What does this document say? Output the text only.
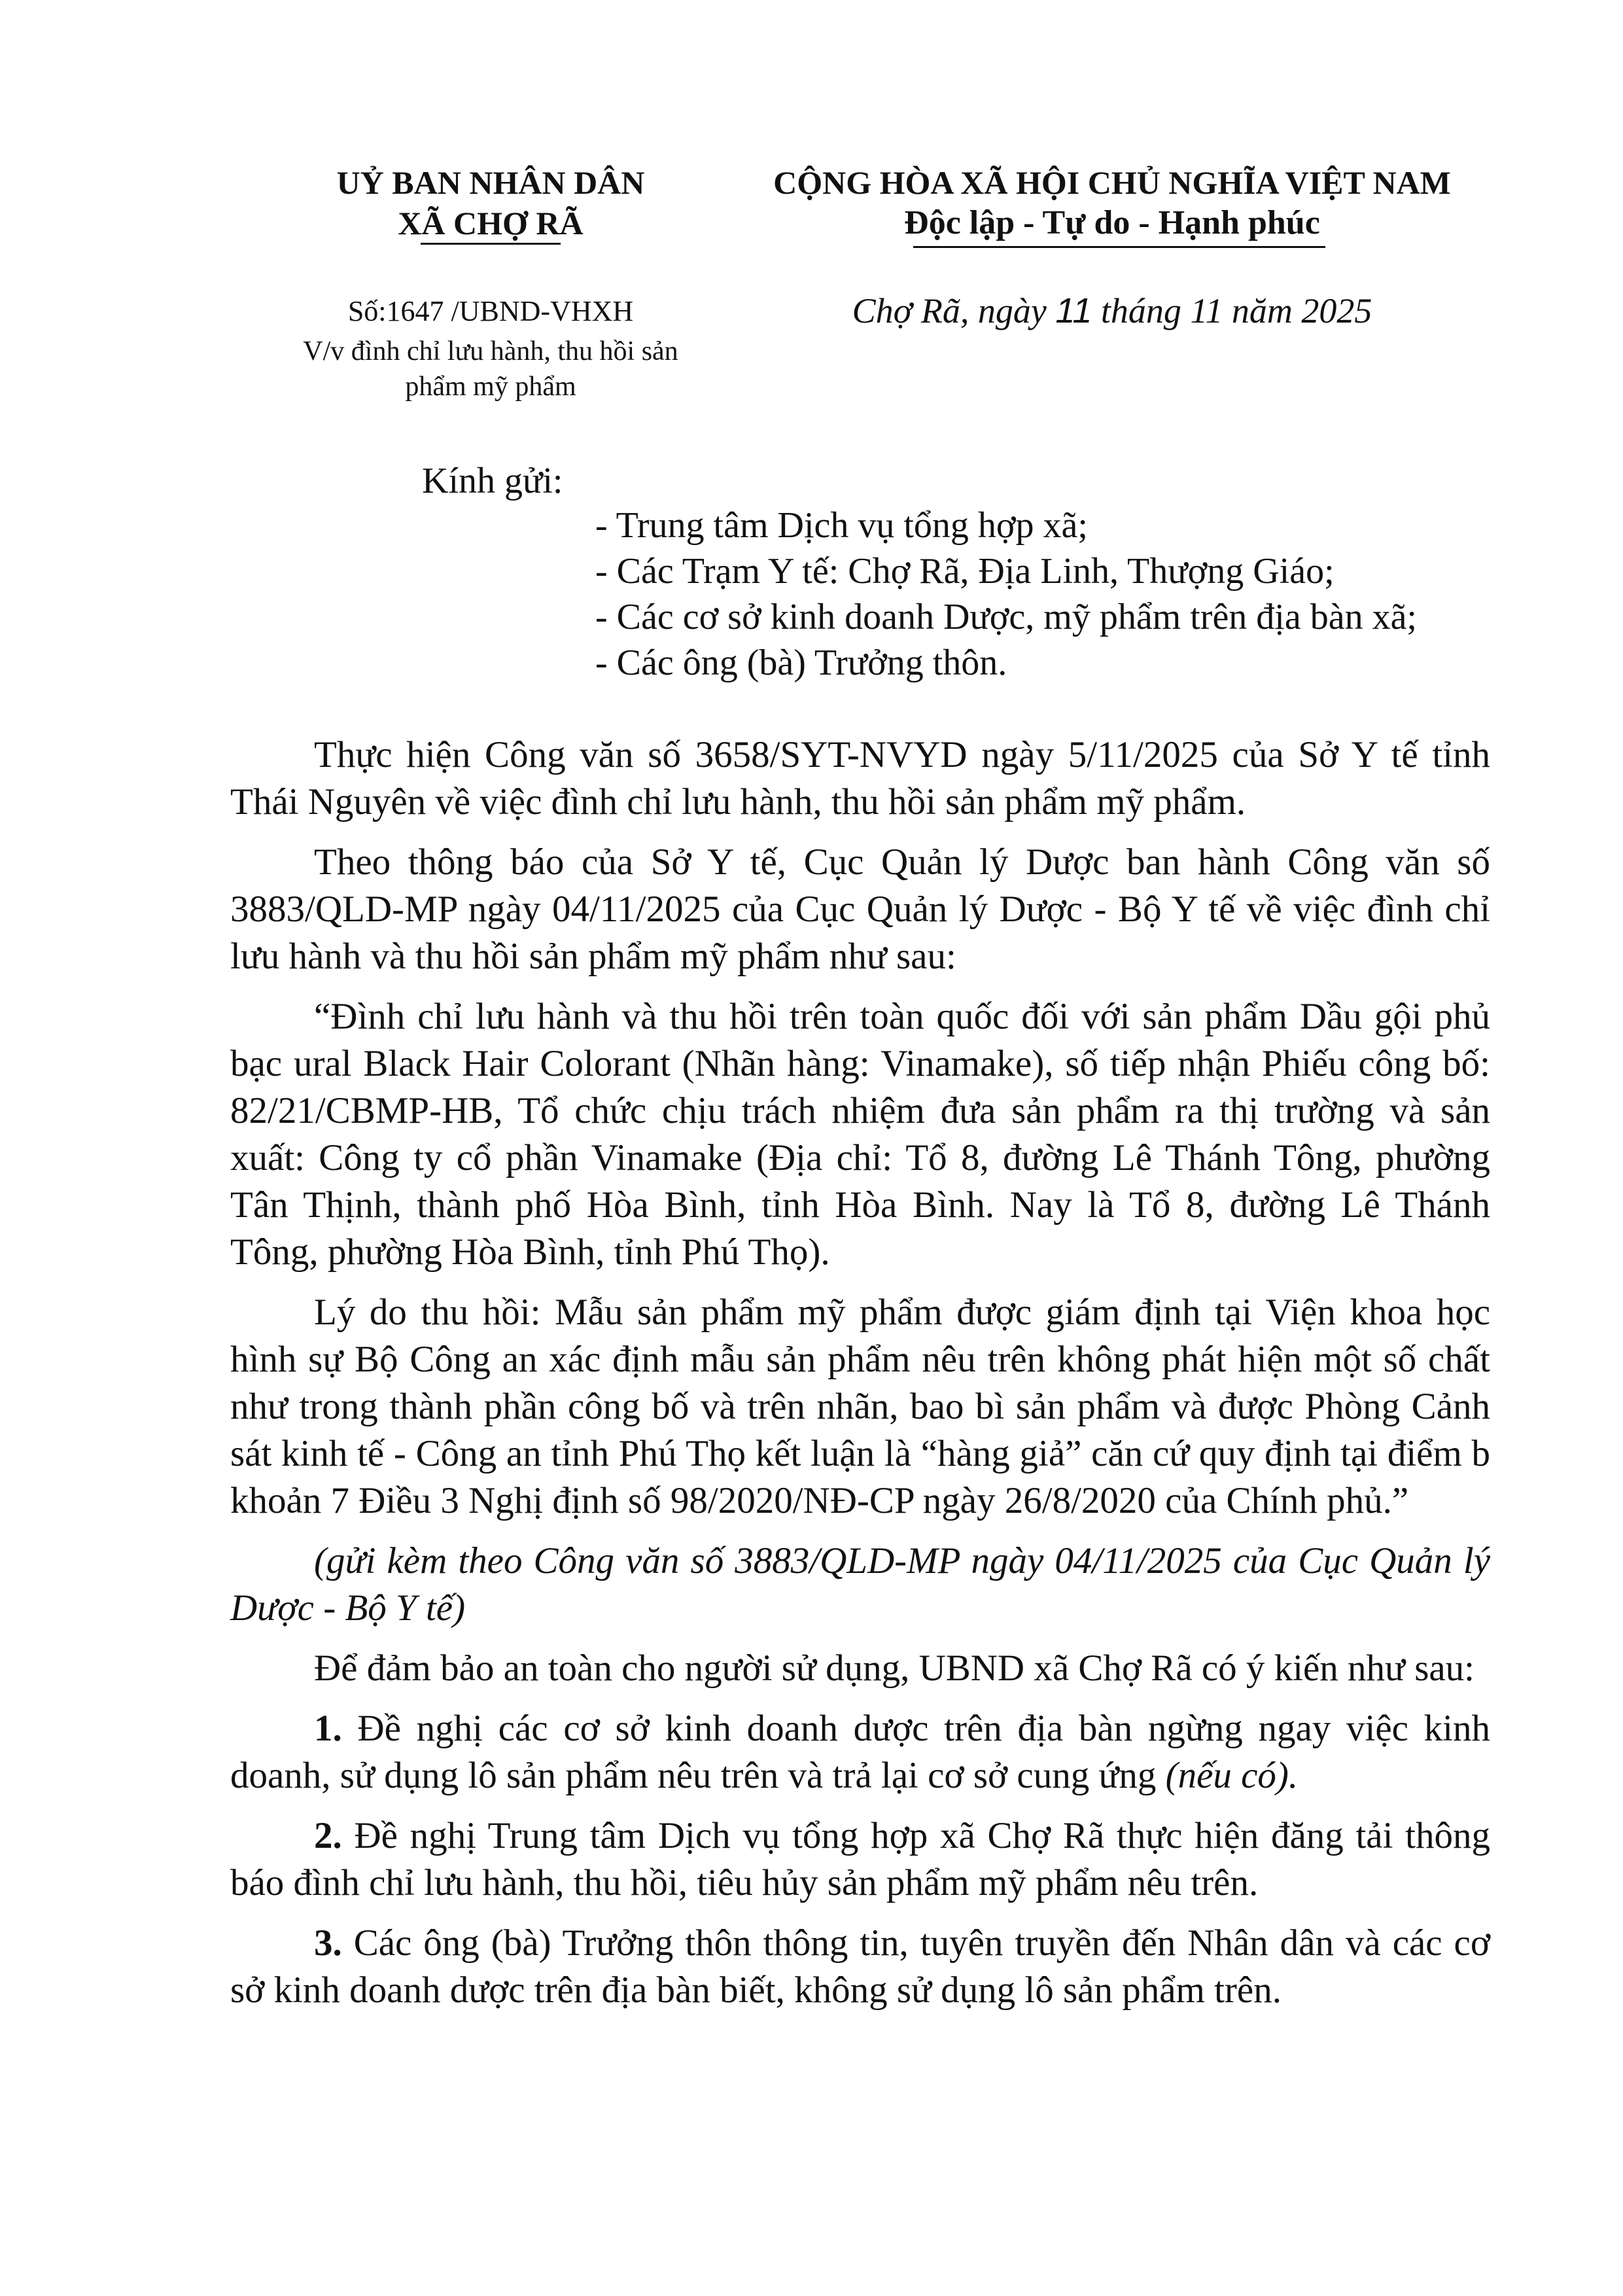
UỶ BAN NHÂN DÂN
XÃ CHỢ RÃ
CỘNG HÒA XÃ HỘI CHỦ NGHĨA VIỆT NAM
Độc lập - Tự do - Hạnh phúc
Số:1647 /UBND-VHXH
V/v đình chỉ lưu hành, thu hồi sản
phẩm mỹ phẩm
Chợ Rã, ngày 11 tháng 11 năm 2025
Kính gửi:
- Trung tâm Dịch vụ tổng hợp xã;
- Các Trạm Y tế: Chợ Rã, Địa Linh, Thượng Giáo;
- Các cơ sở kinh doanh Dược, mỹ phẩm trên địa bàn xã;
- Các ông (bà) Trưởng thôn.

Thực hiện Công văn số 3658/SYT-NVYD ngày 5/11/2025 của Sở Y tế tỉnh Thái Nguyên về việc đình chỉ lưu hành, thu hồi sản phẩm mỹ phẩm.

Theo thông báo của Sở Y tế, Cục Quản lý Dược ban hành Công văn số 3883/QLD-MP ngày 04/11/2025 của Cục Quản lý Dược - Bộ Y tế về việc đình chỉ lưu hành và thu hồi sản phẩm mỹ phẩm như sau:

“Đình chỉ lưu hành và thu hồi trên toàn quốc đối với sản phẩm Dầu gội phủ bạc ural Black Hair Colorant (Nhãn hàng: Vinamake), số tiếp nhận Phiếu công bố: 82/21/CBMP-HB, Tổ chức chịu trách nhiệm đưa sản phẩm ra thị trường và sản xuất: Công ty cổ phần Vinamake (Địa chỉ: Tổ 8, đường Lê Thánh Tông, phường Tân Thịnh, thành phố Hòa Bình, tỉnh Hòa Bình. Nay là Tổ 8, đường Lê Thánh Tông, phường Hòa Bình, tỉnh Phú Thọ).

Lý do thu hồi: Mẫu sản phẩm mỹ phẩm được giám định tại Viện khoa học hình sự Bộ Công an xác định mẫu sản phẩm nêu trên không phát hiện một số chất như trong thành phần công bố và trên nhãn, bao bì sản phẩm và được Phòng Cảnh sát kinh tế - Công an tỉnh Phú Thọ kết luận là “hàng giả” căn cứ quy định tại điểm b khoản 7 Điều 3 Nghị định số 98/2020/NĐ-CP ngày 26/8/2020 của Chính phủ.”

(gửi kèm theo Công văn số 3883/QLD-MP ngày 04/11/2025 của Cục Quản lý Dược - Bộ Y tế)

Để đảm bảo an toàn cho người sử dụng, UBND xã Chợ Rã có ý kiến như sau:

1. Đề nghị các cơ sở kinh doanh dược trên địa bàn ngừng ngay việc kinh doanh, sử dụng lô sản phẩm nêu trên và trả lại cơ sở cung ứng (nếu có).

2. Đề nghị Trung tâm Dịch vụ tổng hợp xã Chợ Rã thực hiện đăng tải thông báo đình chỉ lưu hành, thu hồi, tiêu hủy sản phẩm mỹ phẩm nêu trên.

3. Các ông (bà) Trưởng thôn thông tin, tuyên truyền đến Nhân dân và các cơ sở kinh doanh dược trên địa bàn biết, không sử dụng lô sản phẩm trên.
